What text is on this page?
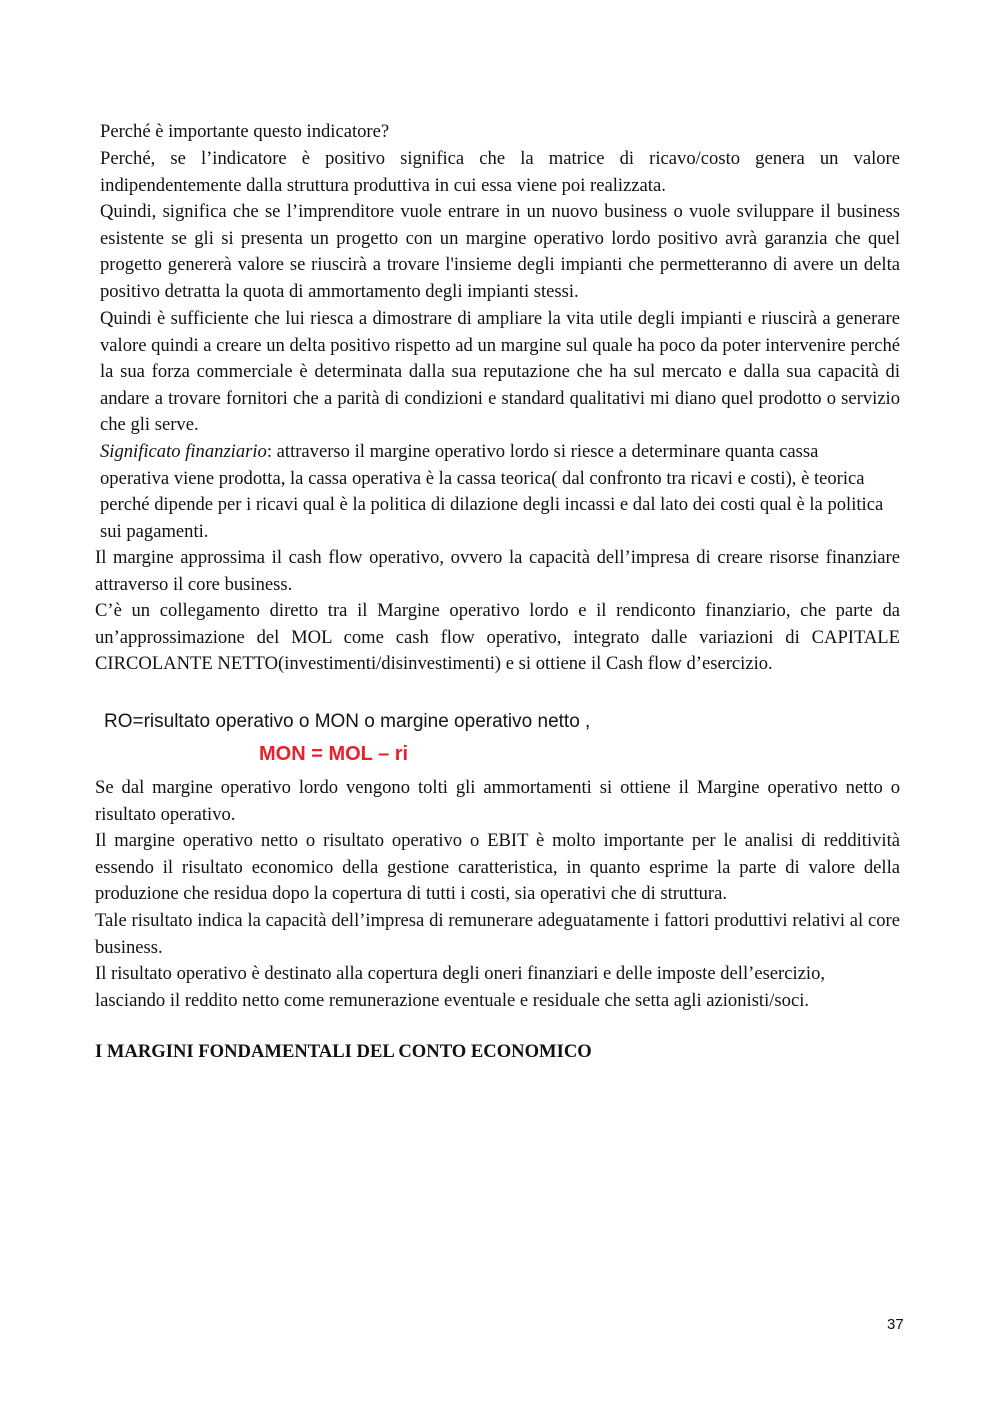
Perché è importante questo indicatore?

Perché, se l’indicatore è positivo significa che la matrice di ricavo/costo genera un valore indipendentemente dalla struttura produttiva in cui essa viene poi realizzata.

Quindi, significa che se l’imprenditore vuole entrare in un nuovo business o vuole sviluppare il business esistente se gli si presenta un progetto con un margine operativo lordo positivo avrà garanzia che quel progetto genererà valore se riuscirà a trovare l'insieme degli impianti che permetteranno di avere un delta positivo detratta la quota di ammortamento degli impianti stessi.

Quindi è sufficiente che lui riesca a dimostrare di ampliare la vita utile degli impianti e riuscirà a generare valore quindi a creare un delta positivo rispetto ad un margine sul quale ha poco da poter intervenire perché la sua forza commerciale è determinata dalla sua reputazione che ha sul mercato e dalla sua capacità di andare a trovare fornitori che a parità di condizioni e standard qualitativi mi diano quel prodotto o servizio che gli serve.

Significato finanziario: attraverso il margine operativo lordo si riesce a determinare quanta cassa operativa viene prodotta, la cassa operativa è la cassa teorica( dal confronto tra ricavi e costi), è teorica perché dipende per i ricavi qual è la politica di dilazione degli incassi e dal lato dei costi qual è la politica sui pagamenti.

Il margine approssima il cash flow operativo, ovvero la capacità dell’impresa di creare risorse finanziare attraverso il core business.

C’è un collegamento diretto tra il Margine operativo lordo e il rendiconto finanziario, che parte da un’approssimazione del MOL come cash flow operativo, integrato dalle variazioni di CAPITALE CIRCOLANTE NETTO(investimenti/disinvestimenti) e si ottiene il Cash flow d’esercizio.

RO=risultato operativo o MON o margine operativo netto ,
MON = MOL – ri

Se dal margine operativo lordo vengono tolti gli ammortamenti si ottiene il Margine operativo netto o risultato operativo.

Il margine operativo netto o risultato operativo o EBIT è molto importante per le analisi di redditività essendo il risultato economico della gestione caratteristica, in quanto esprime la parte di valore della produzione che residua dopo la copertura di tutti i costi, sia operativi che di struttura.

Tale risultato indica la capacità dell’impresa di remunerare adeguatamente i fattori produttivi relativi al core business.

Il risultato operativo è destinato alla copertura degli oneri finanziari e delle imposte dell’esercizio, lasciando il reddito netto come remunerazione eventuale e residuale che setta agli azionisti/soci.

I MARGINI FONDAMENTALI DEL CONTO ECONOMICO
37
